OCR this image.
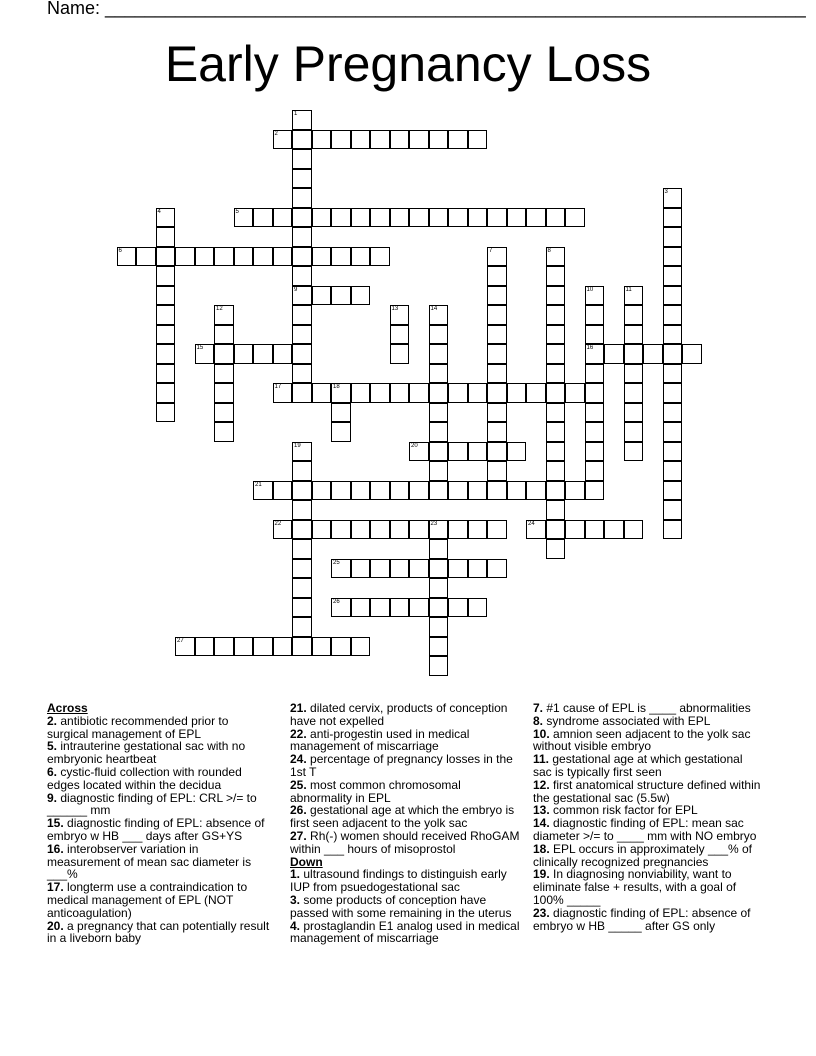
Name: ______________________________________________________________________
Early Pregnancy Loss
1
9
2
3
4	5
6	7	8
10
16
11
12	13	14
15
17	18
19	20
21
22	23	24
25
26
27
Across

2. antibiotic recommended prior to surgical management of EPL

5. intrauterine gestational sac with no embryonic heartbeat

6. cystic-fluid collection with rounded edges located within the decidua

9. diagnostic finding of EPL: CRL >/= to ______ mm

15. diagnostic finding of EPL: absence of embryo w HB ___ days after GS+YS

16. interobserver variation in measurement of mean sac diameter is ___%

17. longterm use a contraindication to medical management of EPL (NOT anticoagulation)

20. a pregnancy that can potentially result in a liveborn baby

21. dilated cervix, products of conception have not expelled

22. anti-progestin used in medical management of miscarriage

24. percentage of pregnancy losses in the 1st T

25. most common chromosomal abnormality in EPL

26. gestational age at which the embryo is first seen adjacent to the yolk sac

27. Rh(-) women should received RhoGAM within ___ hours of misoprostol

Down

1. ultrasound findings to distinguish early IUP from psuedogestational sac

3. some products of conception have passed with some remaining in the uterus

4. prostaglandin E1 analog used in medical management of miscarriage

7. #1 cause of EPL is ____ abnormalities

8. syndrome associated with EPL

10. amnion seen adjacent to the yolk sac without visible embryo

11. gestational age at which gestational sac is typically first seen

12. first anatomical structure defined within the gestational sac (5.5w)

13. common risk factor for EPL

14. diagnostic finding of EPL: mean sac diameter >/= to ____ mm with NO embryo

18. EPL occurs in approximately ___% of clinically recognized pregnancies

19. In diagnosing nonviability, want to eliminate false + results, with a goal of 100% _____

23. diagnostic finding of EPL: absence of embryo w HB _____ after GS only
